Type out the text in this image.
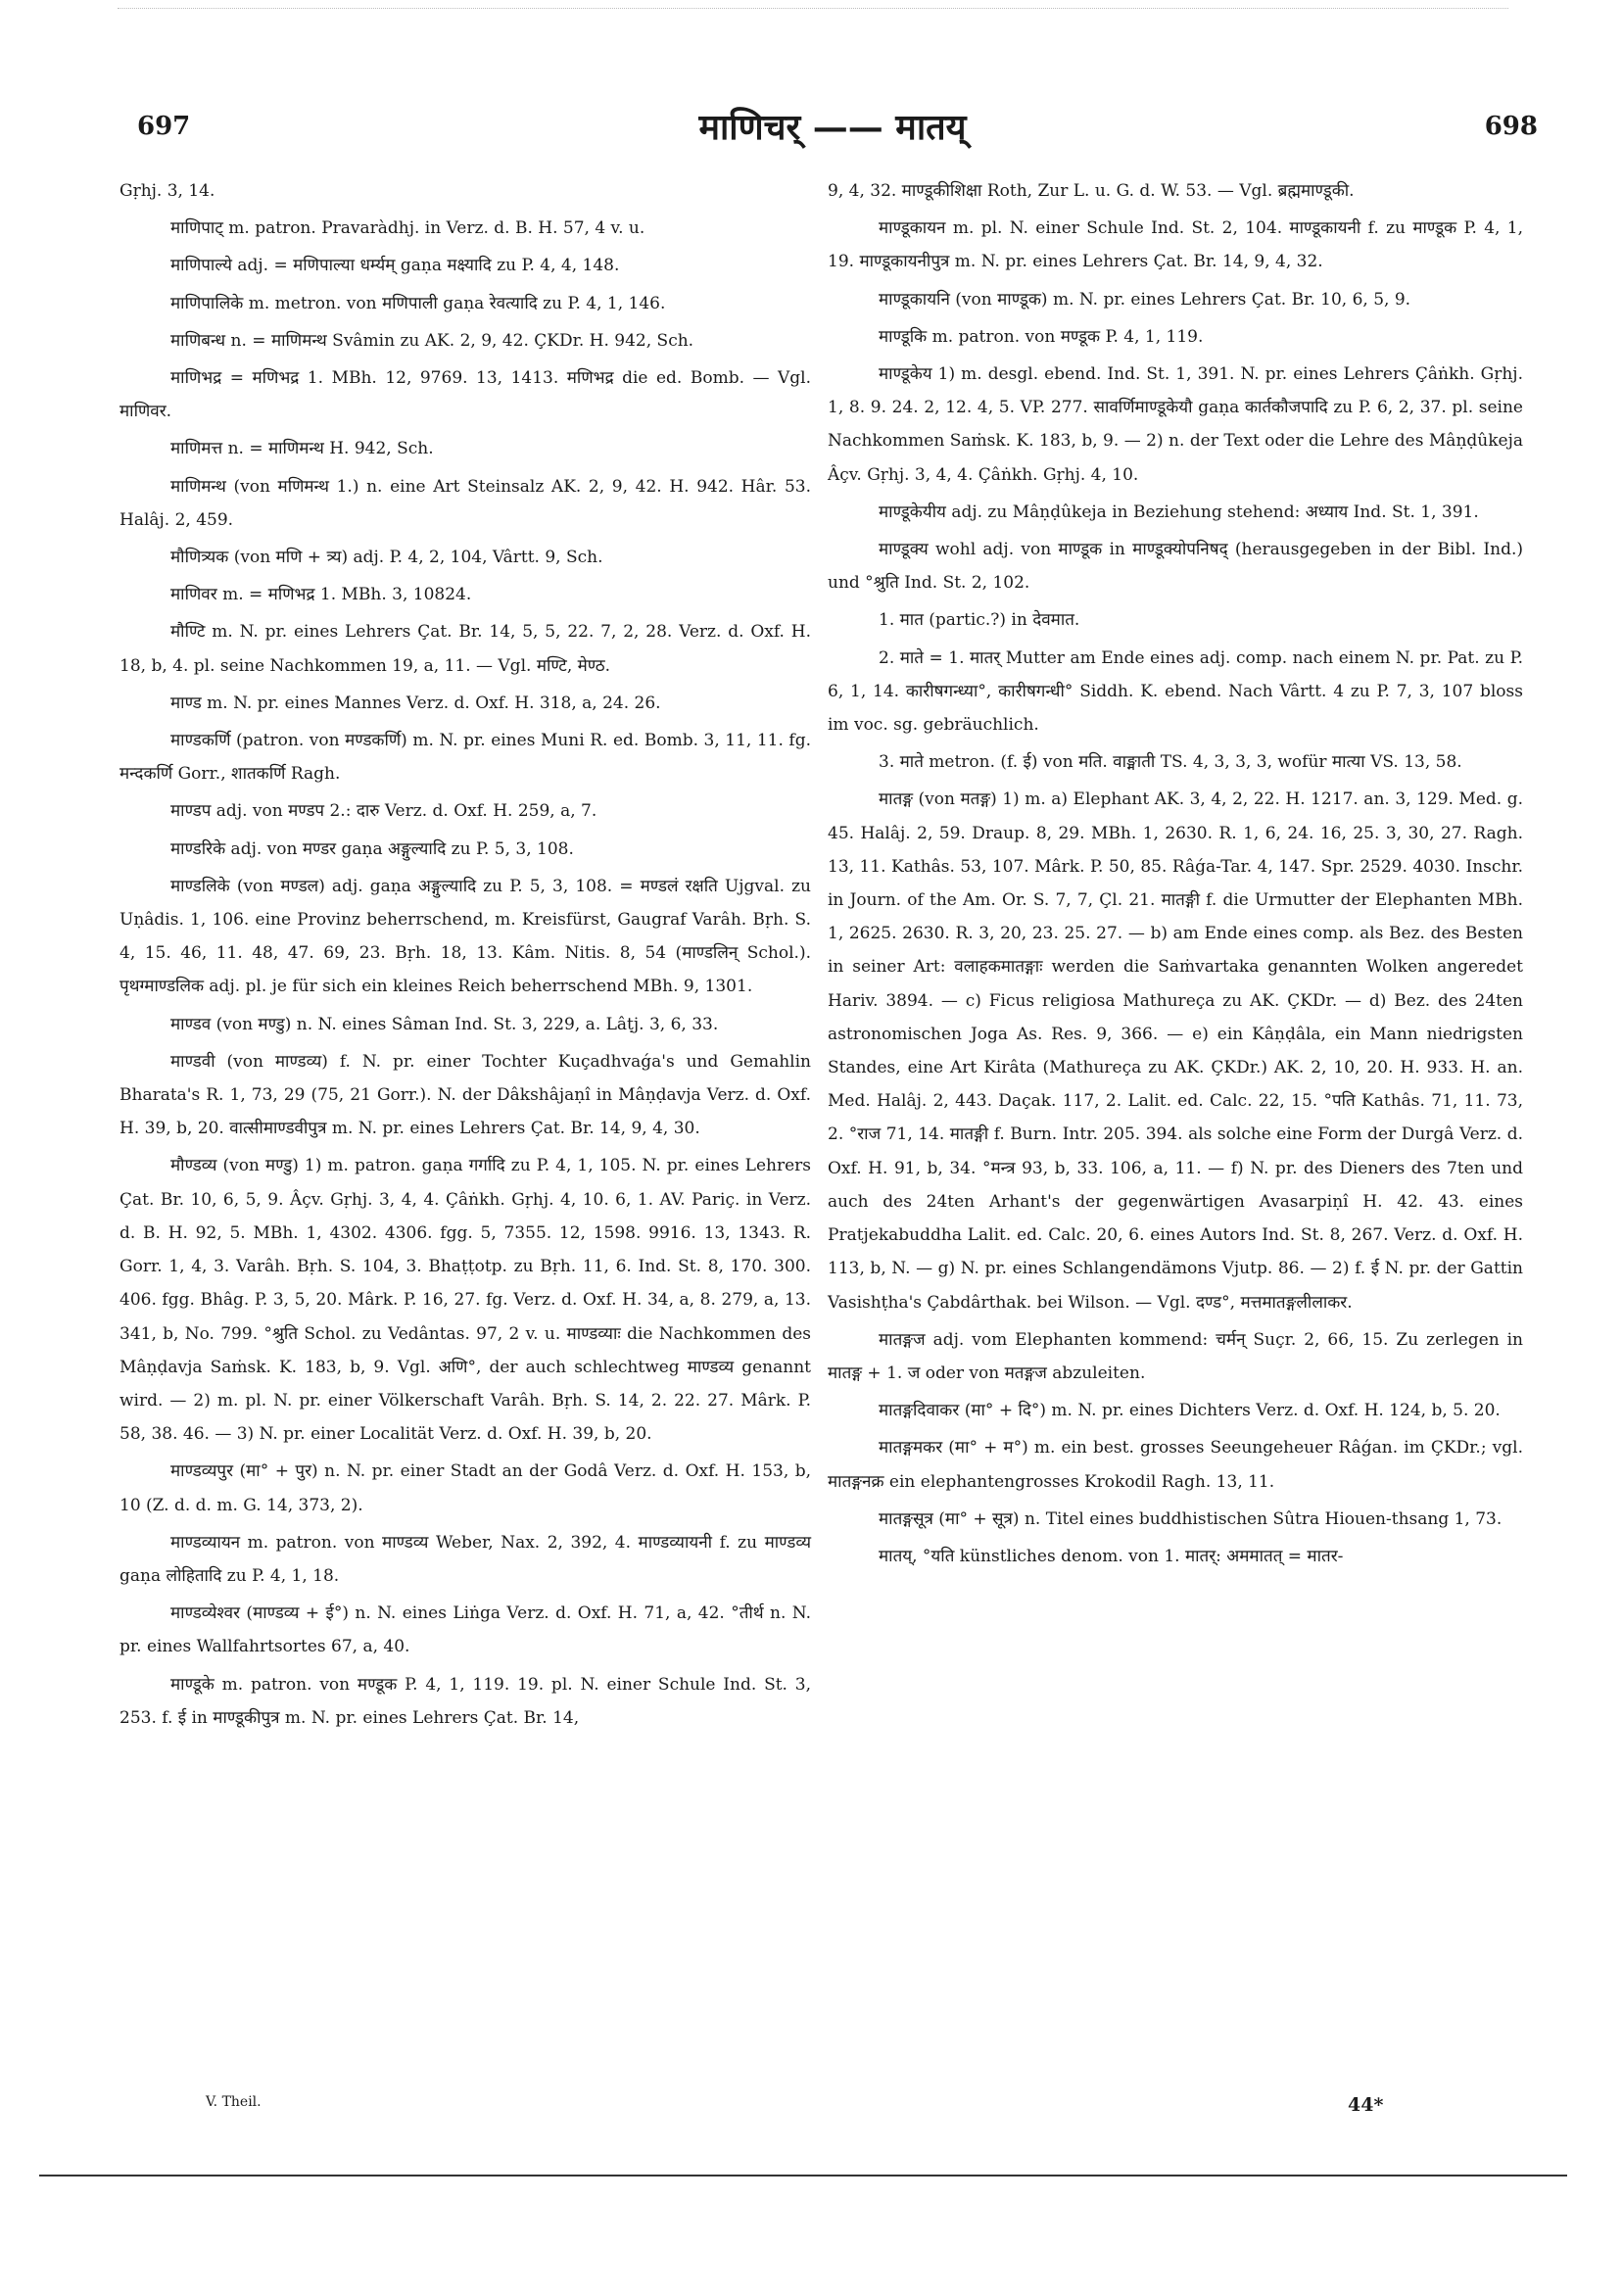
697	माणिचर् —— मातय्	698

Gṛhj. 3, 14.

माणिपाट् m. patron. Pravaràdhj. in Verz. d. B. H. 57, 4 v. u.

माणिपाल्ये adj. = मणिपाल्या धर्म्यम् gaṇa मक्ष्यादि zu P. 4, 4, 148.

माणिपालिके m. metron. von मणिपाली gaṇa रेवत्यादि zu P. 4, 1, 146.

माणिबन्ध n. = माणिमन्थ Svâmin zu AK. 2, 9, 42. ÇKDr. H. 942, Sch.

माणिभद्र = मणिभद्र 1. MBh. 12, 9769. 13, 1413. मणिभद्र die ed. Bomb. — Vgl. माणिवर.

माणिमत्त n. = माणिमन्थ H. 942, Sch.

माणिमन्थ (von मणिमन्थ 1.) n. eine Art Steinsalz AK. 2, 9, 42. H. 942. Hâr. 53. Halâj. 2, 459.

मौणित्र्यक (von मणि + त्र्य) adj. P. 4, 2, 104, Vârtt. 9, Sch.

माणिवर m. = मणिभद्र 1. MBh. 3, 10824.

मौण्टि m. N. pr. eines Lehrers Çat. Br. 14, 5, 5, 22. 7, 2, 28. Verz. d. Oxf. H. 18, b, 4. pl. seine Nachkommen 19, a, 11. — Vgl. मण्टि, मेण्ठ.

माण्ड m. N. pr. eines Mannes Verz. d. Oxf. H. 318, a, 24. 26.

माण्डकर्णि (patron. von मण्डकर्णि) m. N. pr. eines Muni R. ed. Bomb. 3, 11, 11. fg. मन्दकर्णि Gorr., शातकर्णि Ragh.

माण्डप adj. von मण्डप 2.: दारु Verz. d. Oxf. H. 259, a, 7.

माण्डरिके adj. von मण्डर gaṇa अङ्गुल्यादि zu P. 5, 3, 108.

माण्डलिके (von मण्डल) adj. gaṇa अङ्गुल्यादि zu P. 5, 3, 108. = मण्डलं रक्षति Ujgval. zu Uṇâdis. 1, 106. eine Provinz beherrschend, m. Kreisfürst, Gaugraf Varâh. Bṛh. S. 4, 15. 46, 11. 48, 47. 69, 23. Bṛh. 18, 13. Kâm. Nitis. 8, 54 (माण्डलिन् Schol.). पृथग्माण्डलिक adj. pl. je für sich ein kleines Reich beherrschend MBh. 9, 1301.

माण्डव (von मण्डु) n. N. eines Sâman Ind. St. 3, 229, a. Lâṭj. 3, 6, 33.

माण्डवी (von माण्डव्य) f. N. pr. einer Tochter Kuçadhvaǵa's und Gemahlin Bharata's R. 1, 73, 29 (75, 21 Gorr.). N. der Dâkshâjaṇî in Mâṇḍavja Verz. d. Oxf. H. 39, b, 20. वात्सीमाण्डवीपुत्र m. N. pr. eines Lehrers Çat. Br. 14, 9, 4, 30.

मौण्डव्य (von मण्डु) 1) m. patron. gaṇa गर्गादि zu P. 4, 1, 105. N. pr. eines Lehrers Çat. Br. 10, 6, 5, 9. Âçv. Gṛhj. 3, 4, 4. Çâṅkh. Gṛhj. 4, 10. 6, 1. AV. Pariç. in Verz. d. B. H. 92, 5. MBh. 1, 4302. 4306. fgg. 5, 7355. 12, 1598. 9916. 13, 1343. R. Gorr. 1, 4, 3. Varâh. Bṛh. S. 104, 3. Bhaṭṭotp. zu Bṛh. 11, 6. Ind. St. 8, 170. 300. 406. fgg. Bhâg. P. 3, 5, 20. Mârk. P. 16, 27. fg. Verz. d. Oxf. H. 34, a, 8. 279, a, 13. 341, b, No. 799. °श्रुति Schol. zu Vedântas. 97, 2 v. u. माण्डव्याः die Nachkommen des Mâṇḍavja Saṁsk. K. 183, b, 9. Vgl. अणि°, der auch schlechtweg माण्डव्य genannt wird. — 2) m. pl. N. pr. einer Völkerschaft Varâh. Bṛh. S. 14, 2. 22. 27. Mârk. P. 58, 38. 46. — 3) N. pr. einer Localität Verz. d. Oxf. H. 39, b, 20.

माण्डव्यपुर (मा° + पुर) n. N. pr. einer Stadt an der Godâ Verz. d. Oxf. H. 153, b, 10 (Z. d. d. m. G. 14, 373, 2).

माण्डव्यायन m. patron. von माण्डव्य Weber, Nax. 2, 392, 4. माण्डव्यायनी f. zu माण्डव्य gaṇa लोहितादि zu P. 4, 1, 18.

माण्डव्येश्वर (माण्डव्य + ई°) n. N. eines Liṅga Verz. d. Oxf. H. 71, a, 42. °तीर्थ n. N. pr. eines Wallfahrtsortes 67, a, 40.

माण्डूके m. patron. von मण्डूक P. 4, 1, 119. 19. pl. N. einer Schule Ind. St. 3, 253. f. ई in माण्डूकीपुत्र m. N. pr. eines Lehrers Çat. Br. 14,

9, 4, 32. माण्डूकीशिक्षा Roth, Zur L. u. G. d. W. 53. — Vgl. ब्रह्ममाण्डूकी.

माण्डूकायन m. pl. N. einer Schule Ind. St. 2, 104. माण्डूकायनी f. zu माण्डूक P. 4, 1, 19. माण्डूकायनीपुत्र m. N. pr. eines Lehrers Çat. Br. 14, 9, 4, 32.

माण्डूकायनि (von माण्डूक) m. N. pr. eines Lehrers Çat. Br. 10, 6, 5, 9.

माण्डूकि m. patron. von मण्डूक P. 4, 1, 119.

माण्डूकेय 1) m. desgl. ebend. Ind. St. 1, 391. N. pr. eines Lehrers Çâṅkh. Gṛhj. 1, 8. 9. 24. 2, 12. 4, 5. VP. 277. सावर्णिमाण्डूकेयौ gaṇa कार्तकौजपादि zu P. 6, 2, 37. pl. seine Nachkommen Saṁsk. K. 183, b, 9. — 2) n. der Text oder die Lehre des Mâṇḍûkeja Âçv. Gṛhj. 3, 4, 4. Çâṅkh. Gṛhj. 4, 10.

माण्डूकेयीय adj. zu Mâṇḍûkeja in Beziehung stehend: अध्याय Ind. St. 1, 391.

माण्डूक्य wohl adj. von माण्डूक in माण्डूक्योपनिषद् (herausgegeben in der Bibl. Ind.) und °श्रुति Ind. St. 2, 102.

1. मात (partic.?) in देवमात.

2. माते = 1. मातर् Mutter am Ende eines adj. comp. nach einem N. pr. Pat. zu P. 6, 1, 14. कारीषगन्ध्या°, कारीषगन्धी° Siddh. K. ebend. Nach Vârtt. 4 zu P. 7, 3, 107 bloss im voc. sg. gebräuchlich.

3. माते metron. (f. ई) von मति. वाङ्माती TS. 4, 3, 3, 3, wofür मात्या VS. 13, 58.

मातङ्ग (von मतङ्ग) 1) m. a) Elephant AK. 3, 4, 2, 22. H. 1217. an. 3, 129. Med. g. 45. Halâj. 2, 59. Draup. 8, 29. MBh. 1, 2630. R. 1, 6, 24. 16, 25. 3, 30, 27. Ragh. 13, 11. Kathâs. 53, 107. Mârk. P. 50, 85. Râǵa-Tar. 4, 147. Spr. 2529. 4030. Inschr. in Journ. of the Am. Or. S. 7, 7, Çl. 21. मातङ्गी f. die Urmutter der Elephanten MBh. 1, 2625. 2630. R. 3, 20, 23. 25. 27. — b) am Ende eines comp. als Bez. des Besten in seiner Art: वलाहकमातङ्गाः werden die Saṁvartaka genannten Wolken angeredet Hariv. 3894. — c) Ficus religiosa Mathureça zu AK. ÇKDr. — d) Bez. des 24ten astronomischen Joga As. Res. 9, 366. — e) ein Kâṇḍâla, ein Mann niedrigsten Standes, eine Art Kirâta (Mathureça zu AK. ÇKDr.) AK. 2, 10, 20. H. 933. H. an. Med. Halâj. 2, 443. Daçak. 117, 2. Lalit. ed. Calc. 22, 15. °पति Kathâs. 71, 11. 73, 2. °राज 71, 14. मातङ्गी f. Burn. Intr. 205. 394. als solche eine Form der Durgâ Verz. d. Oxf. H. 91, b, 34. °मन्त्र 93, b, 33. 106, a, 11. — f) N. pr. des Dieners des 7ten und auch des 24ten Arhant's der gegenwärtigen Avasarpiṇî H. 42. 43. eines Pratjekabuddha Lalit. ed. Calc. 20, 6. eines Autors Ind. St. 8, 267. Verz. d. Oxf. H. 113, b, N. — g) N. pr. eines Schlangendämons Vjutp. 86. — 2) f. ई N. pr. der Gattin Vasishṭha's Çabdârthak. bei Wilson. — Vgl. दण्ड°, मत्तमातङ्गलीलाकर.

मातङ्गज adj. vom Elephanten kommend: चर्मन् Suçr. 2, 66, 15. Zu zerlegen in मातङ्ग + 1. ज oder von मतङ्गज abzuleiten.

मातङ्गदिवाकर (मा° + दि°) m. N. pr. eines Dichters Verz. d. Oxf. H. 124, b, 5. 20.

मातङ्गमकर (मा° + म°) m. ein best. grosses Seeungeheuer Râǵan. im ÇKDr.; vgl. मातङ्गनक्र ein elephantengrosses Krokodil Ragh. 13, 11.

मातङ्गसूत्र (मा° + सूत्र) n. Titel eines buddhistischen Sûtra Hiouen-thsang 1, 73.

मातय्, °यति künstliches denom. von 1. मातर्: अममातत् = मातर-

V. Theil.	44*
